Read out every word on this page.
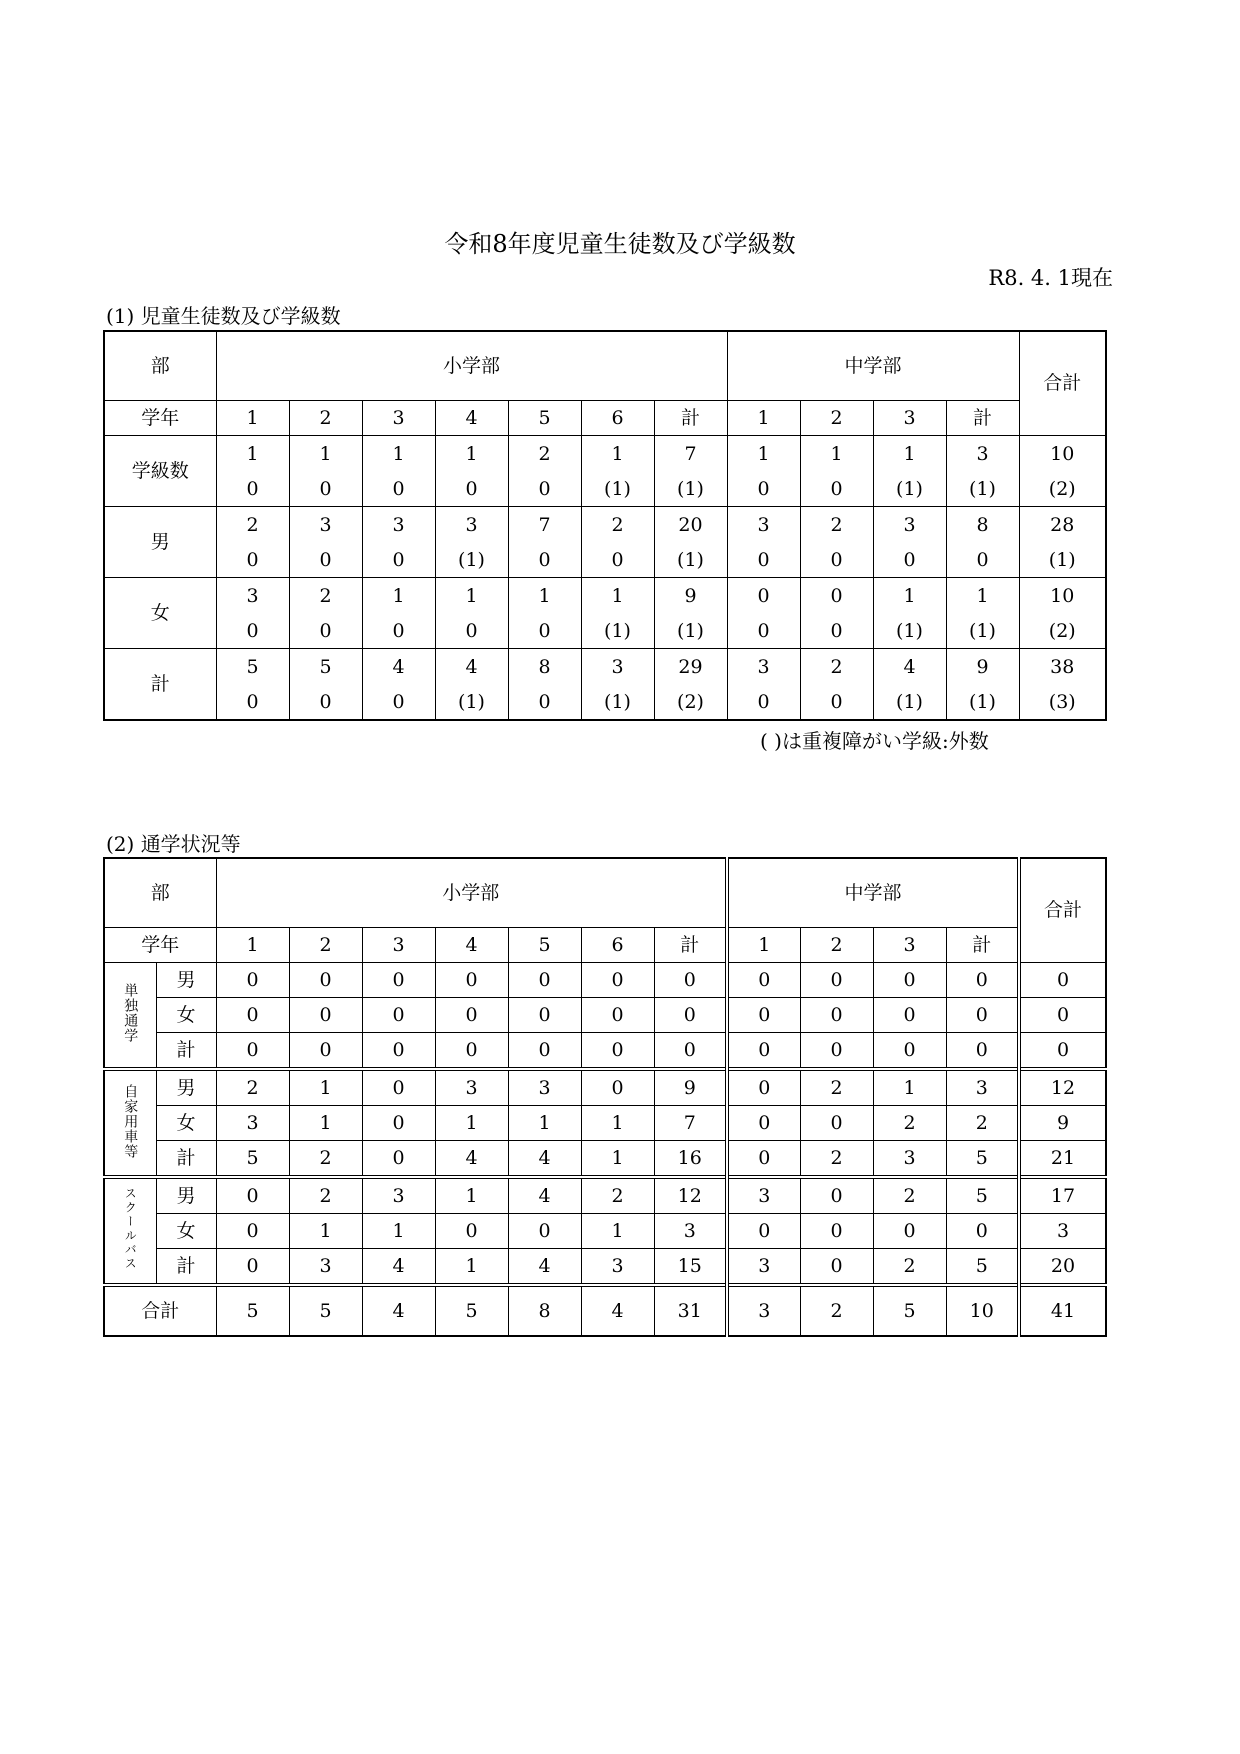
令和8年度児童生徒数及び学級数
R8. 4. 1現在
(1) 児童生徒数及び学級数
部	小学部							中学部				合計
学年	1	2	3	4	5	6	計	1	2	3	計	
学級数	1	1	1	1	2	1	7	1	1	1	3	10
	0	0	0	0	0	(1)	(1)	0	0	(1)	(1)	(2)
男	2	3	3	3	7	2	20	3	2	3	8	28
	0	0	0	(1)	0	0	(1)	0	0	0	0	(1)
女	3	2	1	1	1	1	9	0	0	1	1	10
	0	0	0	0	0	(1)	(1)	0	0	(1)	(1)	(2)
計	5	5	4	4	8	3	29	3	2	4	9	38
	0	0	0	(1)	0	(1)	(2)	0	0	(1)	(1)	(3)
( )は重複障がい学級:外数
(2) 通学状況等
部		小学部							中学部				合計
学年		1	2	3	4	5	6	計	1	2	3	計	
単独通学	男	0	0	0	0	0	0	0	0	0	0	0	0
	女	0	0	0	0	0	0	0	0	0	0	0	0
	計	0	0	0	0	0	0	0	0	0	0	0	0
自家用車等	男	2	1	0	3	3	0	9	0	2	1	3	12
	女	3	1	0	1	1	1	7	0	0	2	2	9
	計	5	2	0	4	4	1	16	0	2	3	5	21
スクールバス	男	0	2	3	1	4	2	12	3	0	2	5	17
	女	0	1	1	0	0	1	3	0	0	0	0	3
	計	0	3	4	1	4	3	15	3	0	2	5	20
合計		5	5	4	5	8	4	31	3	2	5	10	41
